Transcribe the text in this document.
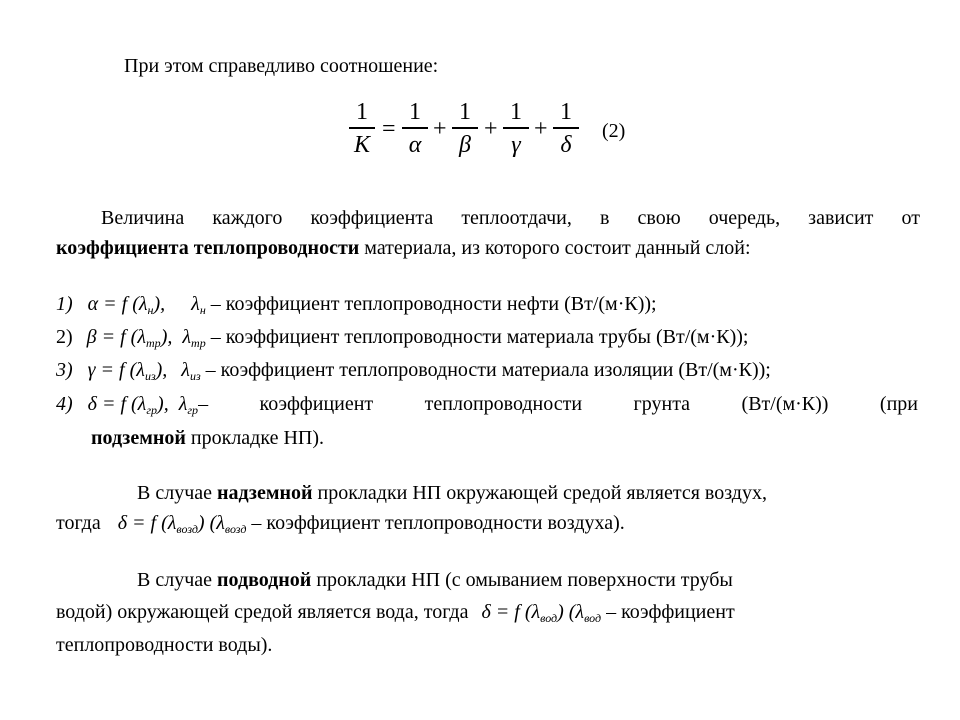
При этом справедливо соотношение:
1
K
=
1
α
+
1
β
+
1
γ
+
1
δ
(2)
Величина каждого коэффициента теплоотдачи, в свою очередь, зависит от
коэффициента теплопроводности материала, из которого состоит данный слой:
1) α = f $(\lambda_н)$, $\lambda_н$ – коэффициент теплопроводности нефти (Вт/(м·К));
2) β = f $(\lambda_{тр})$, $\lambda_{тр}$ – коэффициент теплопроводности материала трубы (Вт/(м·К));
3) γ = f $(\lambda_{из})$, $\lambda_{из}$ – коэффициент теплопроводности материала изоляции (Вт/(м·К));
4) δ = f $(\lambda_{гр})$, $\lambda_{гр}$ – коэффициент теплопроводности грунта (Вт/(м·К)) (при
подземной прокладке НП).
В случае надземной прокладки НП окружающей средой является воздух,
тогда δ = f $(\lambda_{возд})$ ($\lambda_{возд}$ – коэффициент теплопроводности воздуха).
В случае подводной прокладки НП (с омыванием поверхности трубы
водой) окружающей средой является вода, тогда δ = f $(\lambda_{вод})$ ($\lambda_{вод}$ – коэффициент
теплопроводности воды).
